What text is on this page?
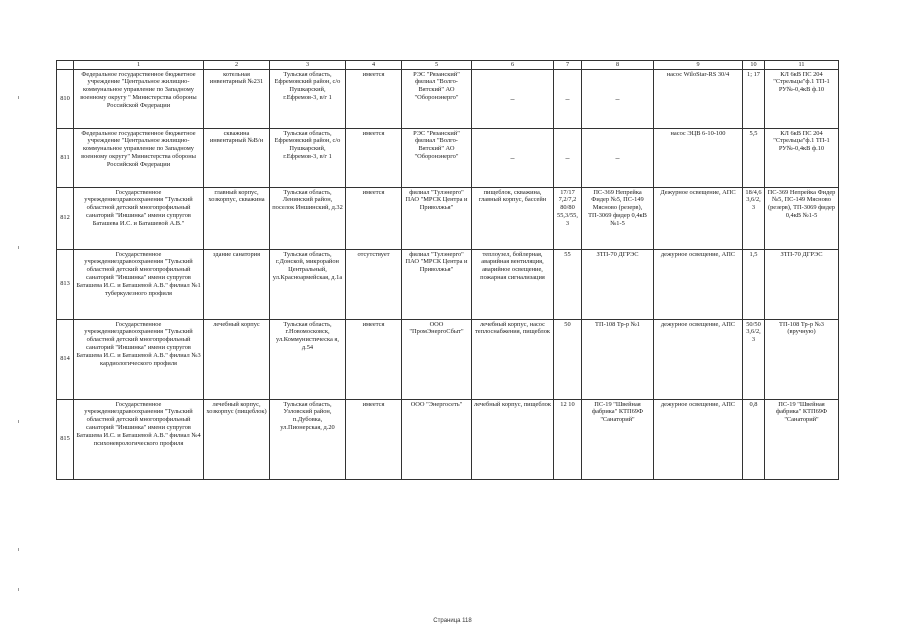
	1	2	3	4	5	6	7	8	9	10	11
810	Федеральное государственное бюджетное учреждение "Центральное жилищно-коммунальное управление по Западному военному округу " Министерства обороны Российской Федерации	котельная инвентарный №231	Тульская область, Ефремовский район, с/о Пушкарский, г.Ефремов-3, в/г 1	имеется	РЭС "Рязанский" филиал "Волго-Вятский" АО "Оборонэнерго"	–	–	–	насос WiloStar-RS 30/4	1; 17	КЛ 6кВ ПС 204 "Стрельцы"ф.1 ТП-1 РУ№-0,4кВ ф.10
811	Федеральное государственное бюджетное учреждение "Центральное жилищно-коммунальное управление по Западному военному округу" Министерства обороны Российской Федерации	скважина инвентарный №В/н	Тульская область, Ефремовский район, с/о Пушкарский, г.Ефремов-3, в/г 1	имеется	РЭС "Рязанский" филиал "Волго-Вятский" АО "Оборонэнерго"	–	–	–	насос ЭЦВ 6-10-100	5,5	КЛ 6кВ ПС 204 "Стрельцы"ф.1 ТП-1 РУ№-0,4кВ ф.10
812	Государственное учреждениездравоохранения "Тульский областной детский многопрофильный санаторий "Иншинка" имени супругов Баташева И.С. и Баташевой А.В."	главный корпус, хозкорпус, скважина	Тульская область, Ленинский район, поселок Иншинский, д.32	имеется	филиал "Тулэнерго" ПАО "МРСК Центра и Приволжья"	пищеблок, скважина, главный корпус, бассейн	17/17 7,2/7,2 80/80 55,3/55,3	ПС-369 Непрейка Фидер №5, ПС-149 Мясново (резерв), ТП-3069 фидер 0,4кВ №1-5	Дежурное освещение, АПС	18/4,6 3,6/2,3	ПС-369 Непрейка Фидер №5, ПС-149 Мясново (резерв), ТП-3069 фидер 0,4кВ №1-5
813	Государственное учреждениездравоохранения "Тульский областной детский многопрофильный санаторий "Иншинка" имени супругов Баташева И.С. и Баташевой А.В." филиал №1 туберкулезного профиля	здание санатория	Тульская область, г.Донской, микрорайон Центральный, ул.Красноармейская, д.1а	отсутствует	филиал "Тулэнерго" ПАО "МРСК Центра и Приволжья"	теплоузел, бойлерная, аварийная вентиляция, аварийное освещение, пожарная сигнализация	55	ЗТП-70 ДГРЭС	дежурное освещение, АПС	1,5	ЗТП-70 ДГРЭС
814	Государственное учреждениездравоохранения "Тульский областной детский многопрофильный санаторий "Иншинка" имени супругов Баташева И.С. и Баташевой А.В." филиал №3 кардиологического профиля	лечебный корпус	Тульская область, г.Новомосковск, ул.Коммунистическа я, д.54	имеется	ООО "ПромЭнергоСбыт"	лечебный корпус, насос теплоснабжения, пищеблок	50	ТП-108 Тр-р №1	дежурное освещение, АПС	50/50 3,6/2,3	ТП-108 Тр-р №3 (вручную)
815	Государственное учреждениездравоохранения "Тульский областной детский многопрофильный санаторий "Иншинка" имени супругов Баташева И.С. и Баташевой А.В." филиал №4 психоневрологического профиля	лечебный корпус, хозкорпус (пищеблок)	Тульская область, Узловский район, п.Дубовка, ул.Пионерская, д.20	имеется	ООО "Энергосеть"	лечебный корпус, пищеблок	12 10	ПС-19 "Швейная фабрика" КТП69Ф "Санаторий"	дежурное освещение, АПС	0,8	ПС-19 "Швейная фабрика" КТП69Ф "Санаторий"
Страница 118
